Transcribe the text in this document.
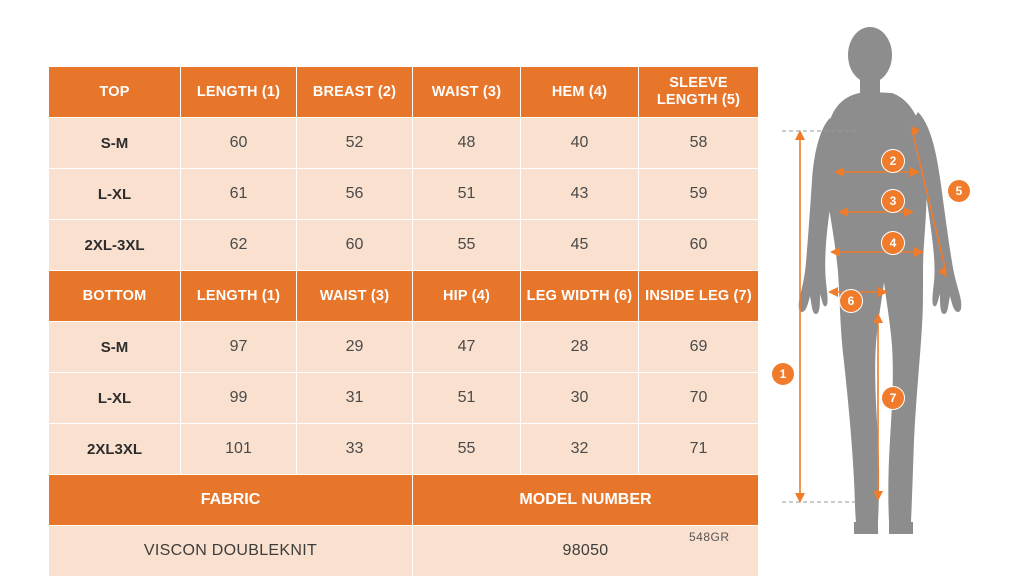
TOP	LENGTH (1)	BREAST (2)	WAIST (3)	HEM (4)	SLEEVE LENGTH (5)
S-M	60	52	48	40	58
L-XL	61	56	51	43	59
2XL-3XL	62	60	55	45	60
BOTTOM	LENGTH (1)	WAIST (3)	HIP (4)	LEG WIDTH (6)	INSIDE LEG (7)
S-M	97	29	47	28	69
L-XL	99	31	51	30	70
2XL3XL	101	33	55	32	71
FABRIC			MODEL NUMBER		
VISCON DOUBLEKNIT			98050		
548GR
1
2
3
4
5
6
7
